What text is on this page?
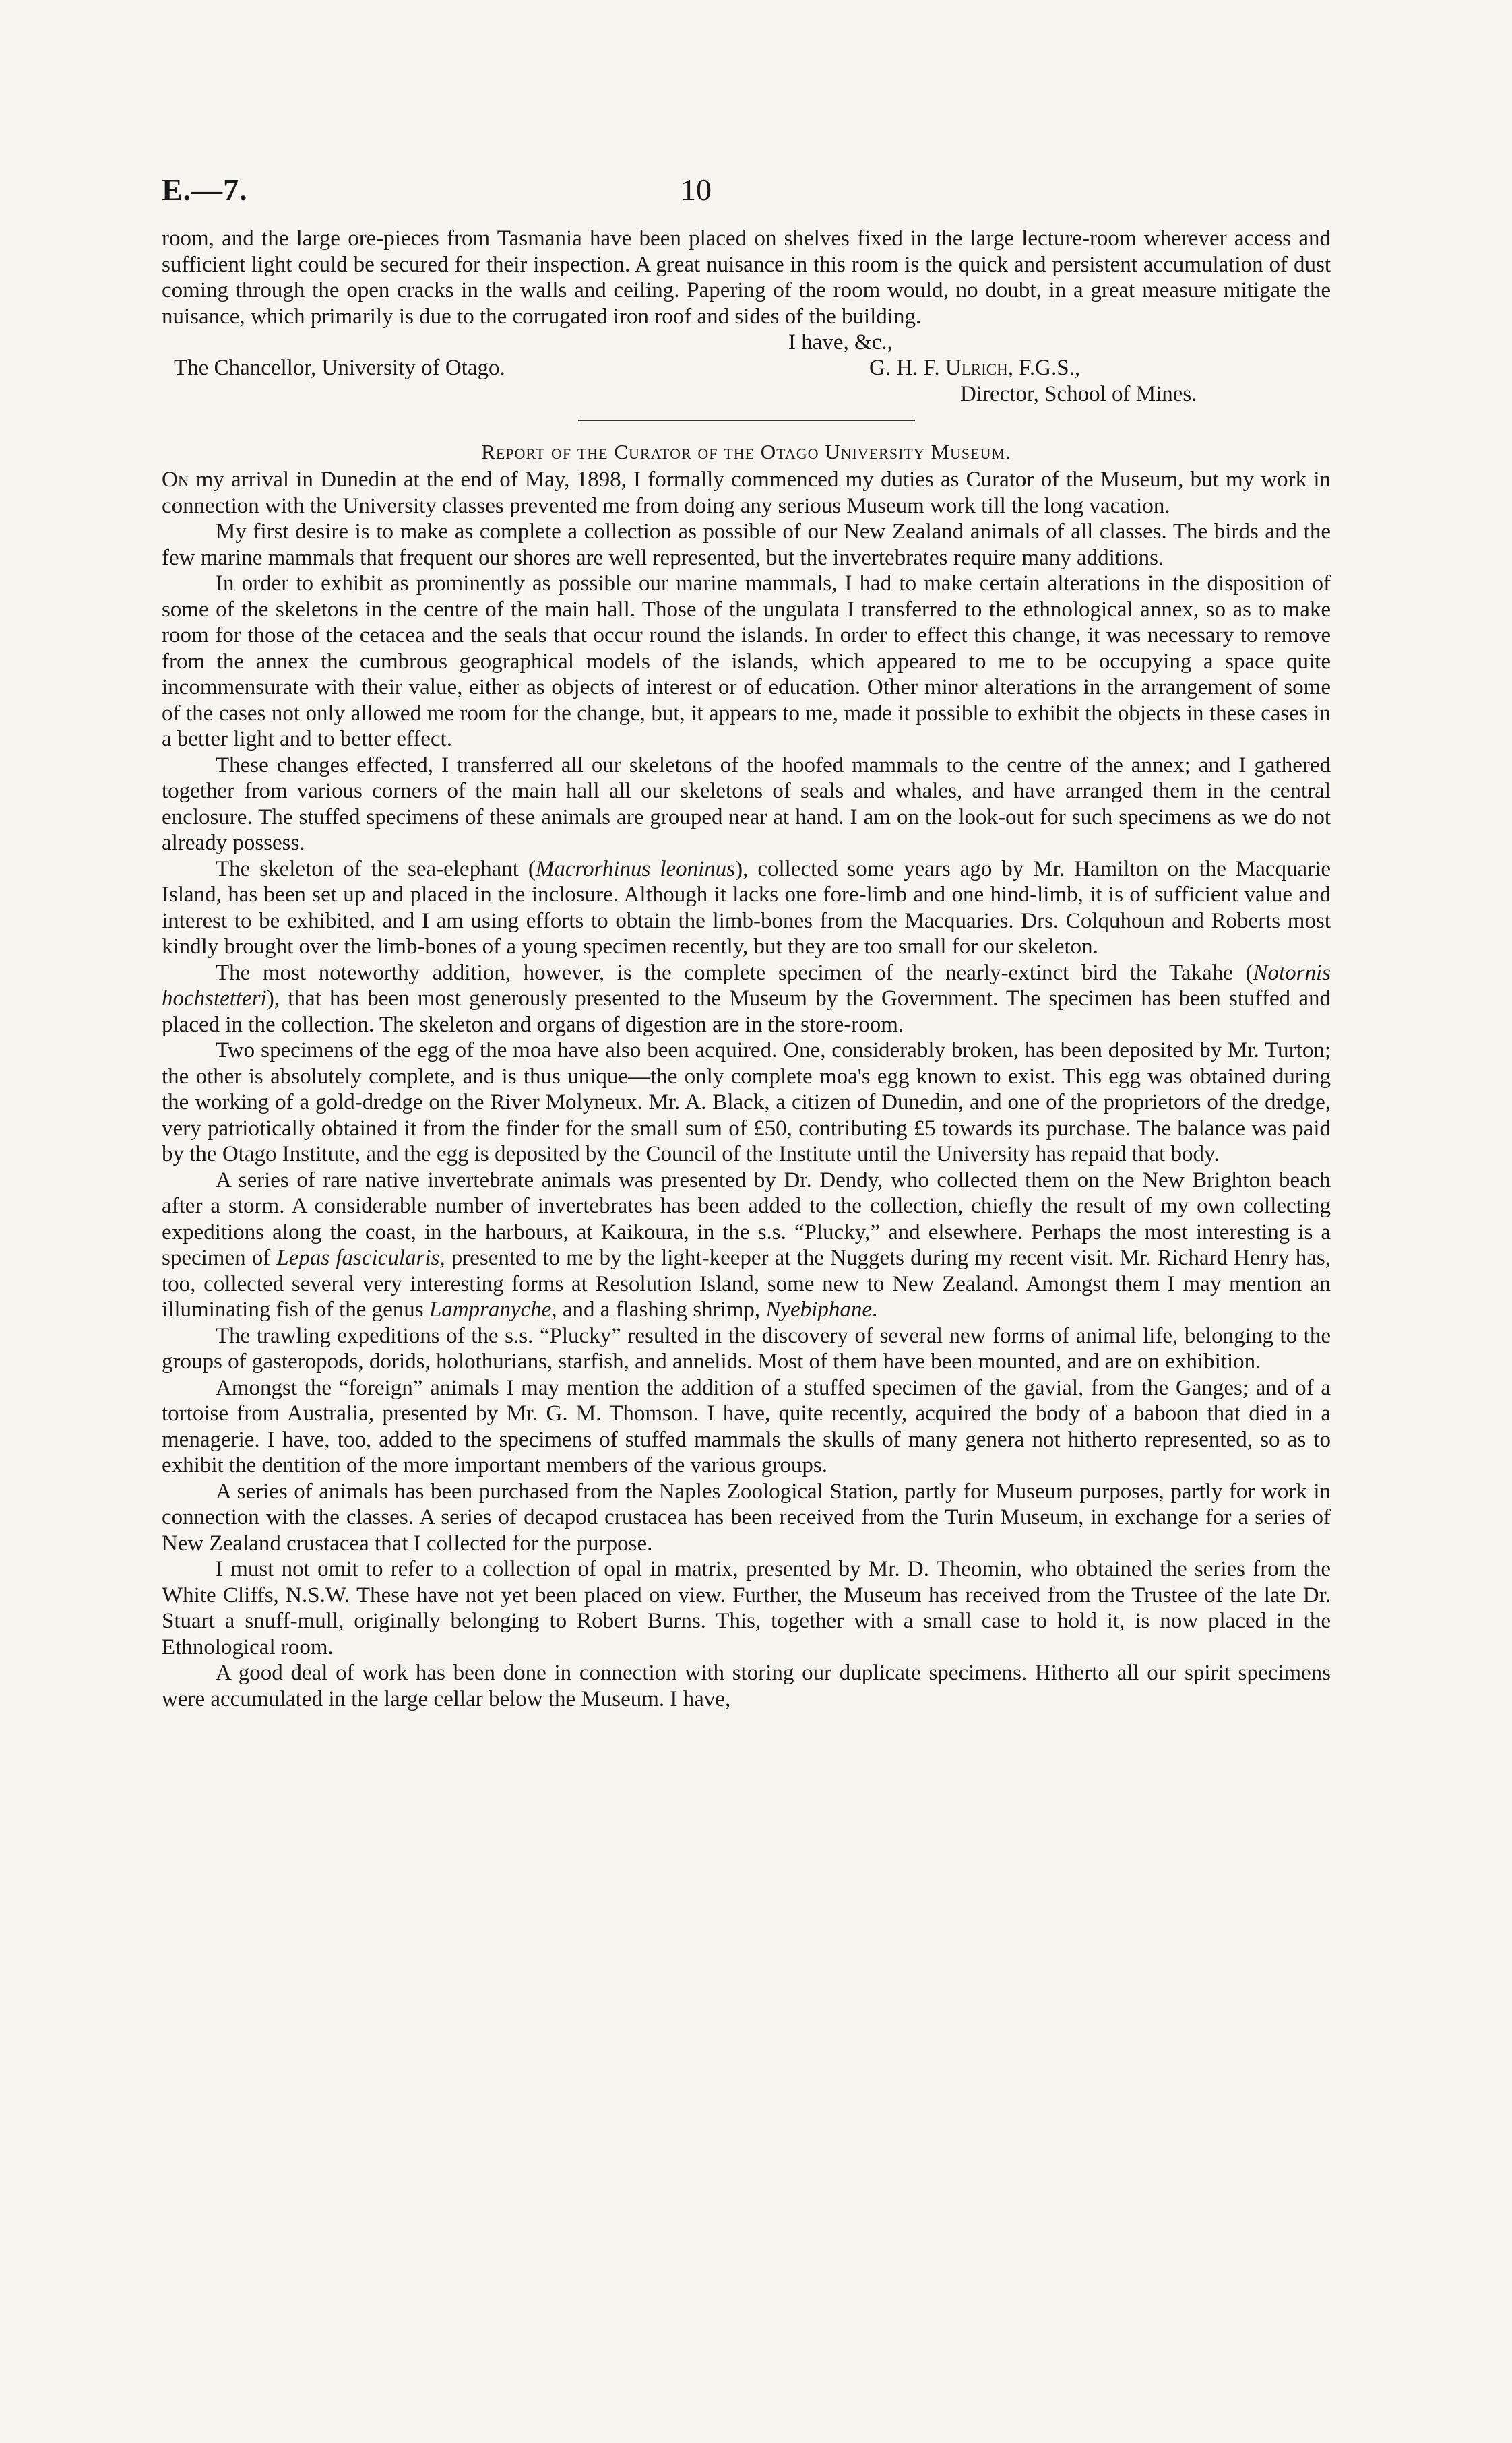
E.—7.	10

room, and the large ore-pieces from Tasmania have been placed on shelves fixed in the large lecture-room wherever access and sufficient light could be secured for their inspection. A great nuisance in this room is the quick and persistent accumulation of dust coming through the open cracks in the walls and ceiling. Papering of the room would, no doubt, in a great measure mitigate the nuisance, which primarily is due to the corrugated iron roof and sides of the building.

I have, &c.,
The Chancellor, University of Otago.	G. H. F. Ulrich, F.G.S.,
Director, School of Mines.
Report of the Curator of the Otago University Museum.

On my arrival in Dunedin at the end of May, 1898, I formally commenced my duties as Curator of the Museum, but my work in connection with the University classes prevented me from doing any serious Museum work till the long vacation.

My first desire is to make as complete a collection as possible of our New Zealand animals of all classes. The birds and the few marine mammals that frequent our shores are well represented, but the invertebrates require many additions.

In order to exhibit as prominently as possible our marine mammals, I had to make certain alterations in the disposition of some of the skeletons in the centre of the main hall. Those of the ungulata I transferred to the ethnological annex, so as to make room for those of the cetacea and the seals that occur round the islands. In order to effect this change, it was necessary to remove from the annex the cumbrous geographical models of the islands, which appeared to me to be occupying a space quite incommensurate with their value, either as objects of interest or of education. Other minor alterations in the arrangement of some of the cases not only allowed me room for the change, but, it appears to me, made it possible to exhibit the objects in these cases in a better light and to better effect.

These changes effected, I transferred all our skeletons of the hoofed mammals to the centre of the annex; and I gathered together from various corners of the main hall all our skeletons of seals and whales, and have arranged them in the central enclosure. The stuffed specimens of these animals are grouped near at hand. I am on the look-out for such specimens as we do not already possess.

The skeleton of the sea-elephant (Macrorhinus leoninus), collected some years ago by Mr. Hamilton on the Macquarie Island, has been set up and placed in the inclosure. Although it lacks one fore-limb and one hind-limb, it is of sufficient value and interest to be exhibited, and I am using efforts to obtain the limb-bones from the Macquaries. Drs. Colquhoun and Roberts most kindly brought over the limb-bones of a young specimen recently, but they are too small for our skeleton.

The most noteworthy addition, however, is the complete specimen of the nearly-extinct bird the Takahe (Notornis hochstetteri), that has been most generously presented to the Museum by the Government. The specimen has been stuffed and placed in the collection. The skeleton and organs of digestion are in the store-room.

Two specimens of the egg of the moa have also been acquired. One, considerably broken, has been deposited by Mr. Turton; the other is absolutely complete, and is thus unique—the only complete moa's egg known to exist. This egg was obtained during the working of a gold-dredge on the River Molyneux. Mr. A. Black, a citizen of Dunedin, and one of the proprietors of the dredge, very patriotically obtained it from the finder for the small sum of £50, contributing £5 towards its purchase. The balance was paid by the Otago Institute, and the egg is deposited by the Council of the Institute until the University has repaid that body.

A series of rare native invertebrate animals was presented by Dr. Dendy, who collected them on the New Brighton beach after a storm. A considerable number of invertebrates has been added to the collection, chiefly the result of my own collecting expeditions along the coast, in the harbours, at Kaikoura, in the s.s. “Plucky,” and elsewhere. Perhaps the most interesting is a specimen of Lepas fascicularis, presented to me by the light-keeper at the Nuggets during my recent visit. Mr. Richard Henry has, too, collected several very interesting forms at Resolution Island, some new to New Zealand. Amongst them I may mention an illuminating fish of the genus Lampranyche, and a flashing shrimp, Nyebiphane.

The trawling expeditions of the s.s. “Plucky” resulted in the discovery of several new forms of animal life, belonging to the groups of gasteropods, dorids, holothurians, starfish, and annelids. Most of them have been mounted, and are on exhibition.

Amongst the “foreign” animals I may mention the addition of a stuffed specimen of the gavial, from the Ganges; and of a tortoise from Australia, presented by Mr. G. M. Thomson. I have, quite recently, acquired the body of a baboon that died in a menagerie. I have, too, added to the specimens of stuffed mammals the skulls of many genera not hitherto represented, so as to exhibit the dentition of the more important members of the various groups.

A series of animals has been purchased from the Naples Zoological Station, partly for Museum purposes, partly for work in connection with the classes. A series of decapod crustacea has been received from the Turin Museum, in exchange for a series of New Zealand crustacea that I collected for the purpose.

I must not omit to refer to a collection of opal in matrix, presented by Mr. D. Theomin, who obtained the series from the White Cliffs, N.S.W. These have not yet been placed on view. Further, the Museum has received from the Trustee of the late Dr. Stuart a snuff-mull, originally belonging to Robert Burns. This, together with a small case to hold it, is now placed in the Ethnological room.

A good deal of work has been done in connection with storing our duplicate specimens. Hitherto all our spirit specimens were accumulated in the large cellar below the Museum. I have,
